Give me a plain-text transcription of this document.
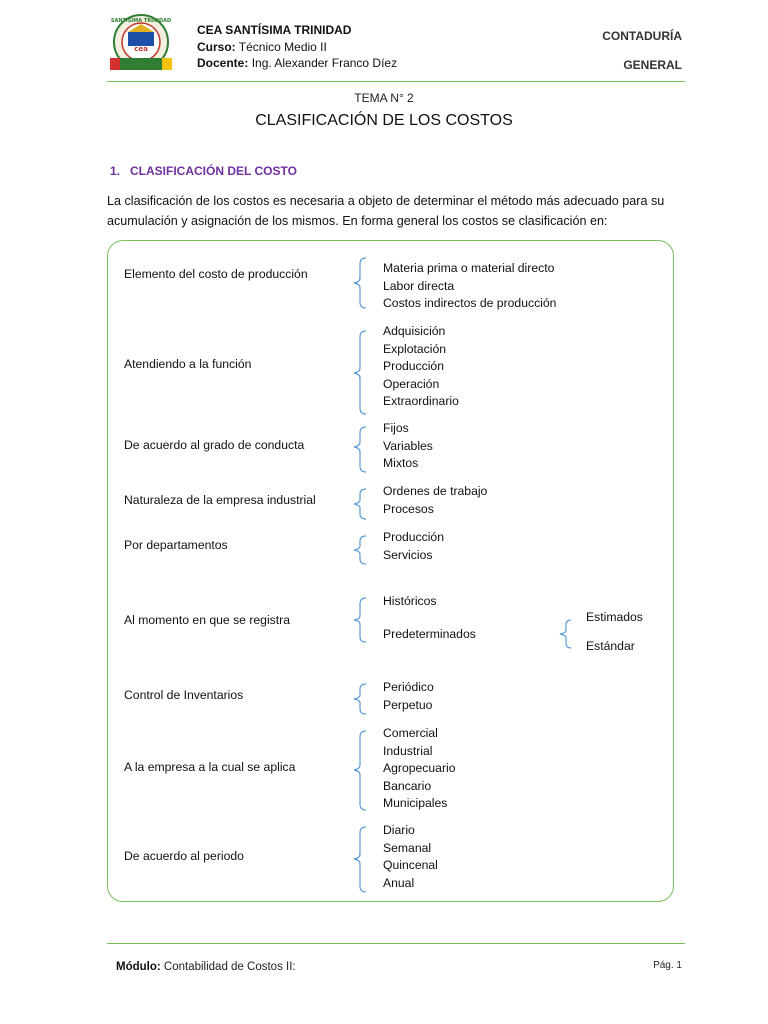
cea
SANTISIMA TRINIDAD
CEA SANTÍSIMA TRINIDAD
Curso: Técnico Medio II
Docente: Ing. Alexander Franco Díez
CONTADURÍA
GENERAL
TEMA N° 2
CLASIFICACIÓN DE LOS COSTOS
1. CLASIFICACIÓN DEL COSTO
La clasificación de los costos es necesaria a objeto de determinar el método más adecuado para su acumulación y asignación de los mismos. En forma general los costos se clasificación en:
Elemento del costo de producción	Materia prima o material directo
Labor directa
Costos indirectos de producción
Atendiendo a la función
Adquisición
Explotación
Producción
Operación
Extraordinario
De acuerdo al grado de conducta
Fijos
Variables
Mixtos
Naturaleza de la empresa industrial
Ordenes de trabajo
Procesos
Por departamentos
Producción
Servicios
Al momento en que se registra
Históricos
Predeterminados
Estimados
Estándar
Control de Inventarios
Periódico
Perpetuo
A la empresa a la cual se aplica
Comercial
Industrial
Agropecuario
Bancario
Municipales
De acuerdo al periodo
Diario
Semanal
Quincenal
Anual
Módulo: Contabilidad de Costos II:	Pág. 1
